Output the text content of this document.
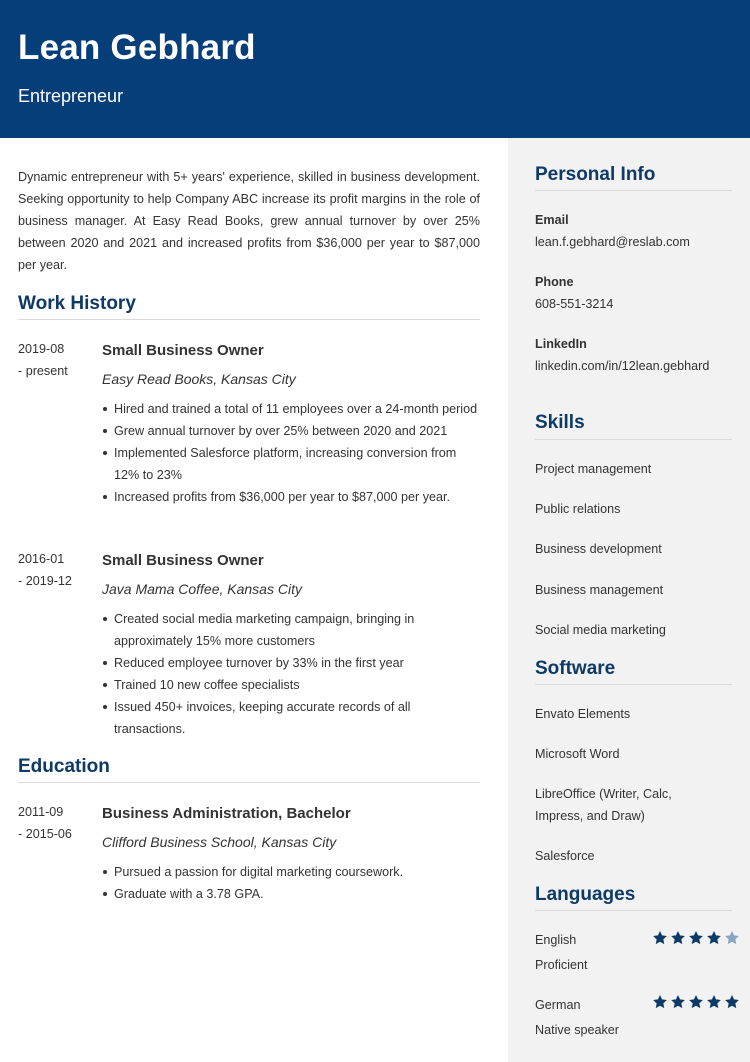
Lean Gebhard
Entrepreneur

Dynamic entrepreneur with 5+ years' experience, skilled in business development. Seeking opportunity to help Company ABC increase its profit margins in the role of business manager. At Easy Read Books, grew annual turnover by over 25% between 2020 and 2021 and increased profits from $36,000 per year to $87,000 per year.

Work History
2019-08
- present
Small Business Owner
Easy Read Books, Kansas City
Hired and trained a total of 11 employees over a 24-month period
Grew annual turnover by over 25% between 2020 and 2021
Implemented Salesforce platform, increasing conversion from 12% to 23%
Increased profits from $36,000 per year to $87,000 per year.
2016-01
- 2019-12
Small Business Owner
Java Mama Coffee, Kansas City
Created social media marketing campaign, bringing in approximately 15% more customers
Reduced employee turnover by 33% in the first year
Trained 10 new coffee specialists
Issued 450+ invoices, keeping accurate records of all transactions.
Education
2011-09
- 2015-06
Business Administration, Bachelor
Clifford Business School, Kansas City
Pursued a passion for digital marketing coursework.
Graduate with a 3.78 GPA.
Personal Info
Email
lean.f.gebhard@reslab.com
Phone
608-551-3214
LinkedIn
linkedin.com/in/12lean.gebhard
Skills
Project management
Public relations
Business development
Business management
Social media marketing
Software
Envato Elements
Microsoft Word
LibreOffice (Writer, Calc, Impress, and Draw)
Salesforce
Languages
English
Proficient
German
Native speaker
